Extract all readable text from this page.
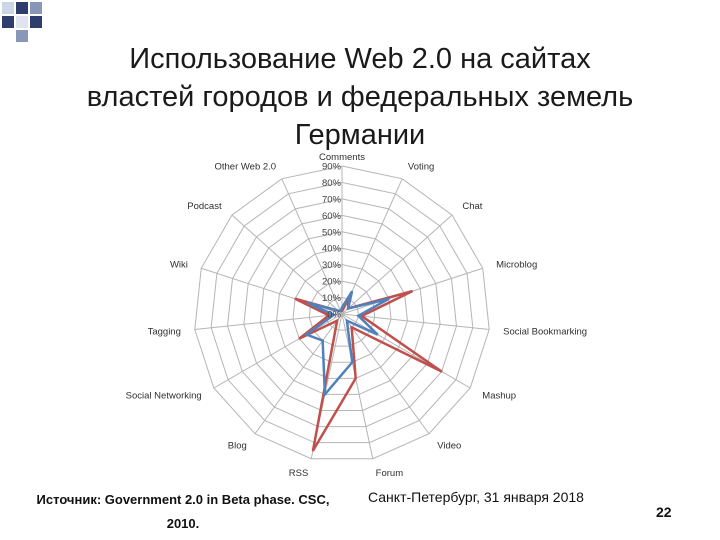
Использование Web 2.0 на сайтах
властей городов и федеральных земель
Германии
0%
10%
20%
30%
40%
50%
60%
70%
80%
90%
Comments
Voting
Chat
Microblog
Social Bookmarking
Mashup
Video
Forum
RSS
Blog
Social Networking
Tagging
Wiki
Podcast
Other Web 2.0
Источник: Government 2.0 in Beta phase. CSC,
2010.
Санкт-Петербург, 31 января 2018
22
